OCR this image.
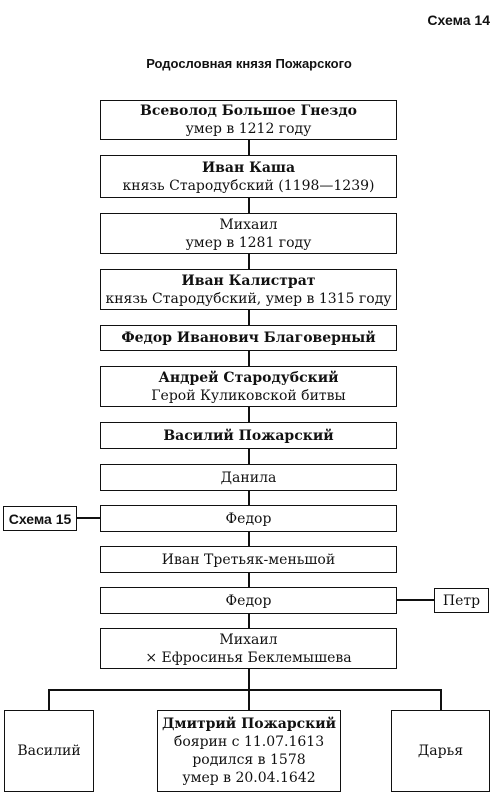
Схема 14
Родословная князя Пожарского
Всеволод Большое Гнездо
умер в 1212 году
Иван Каша
князь Стародубский (1198—1239)
Михаил
умер в 1281 году
Иван Калистрат
князь Стародубский, умер в 1315 году
Федор Иванович Благоверный
Андрей Стародубский
Герой Куликовской битвы
Василий Пожарский
Данила
Федор
Иван Третьяк-меньшой
Федор
Михаил
× Ефросинья Беклемышева
Схема 15
Петр
Василий
Дмитрий Пожарский
боярин с 11.07.1613
родился в 1578
умер в 20.04.1642
Дарья
